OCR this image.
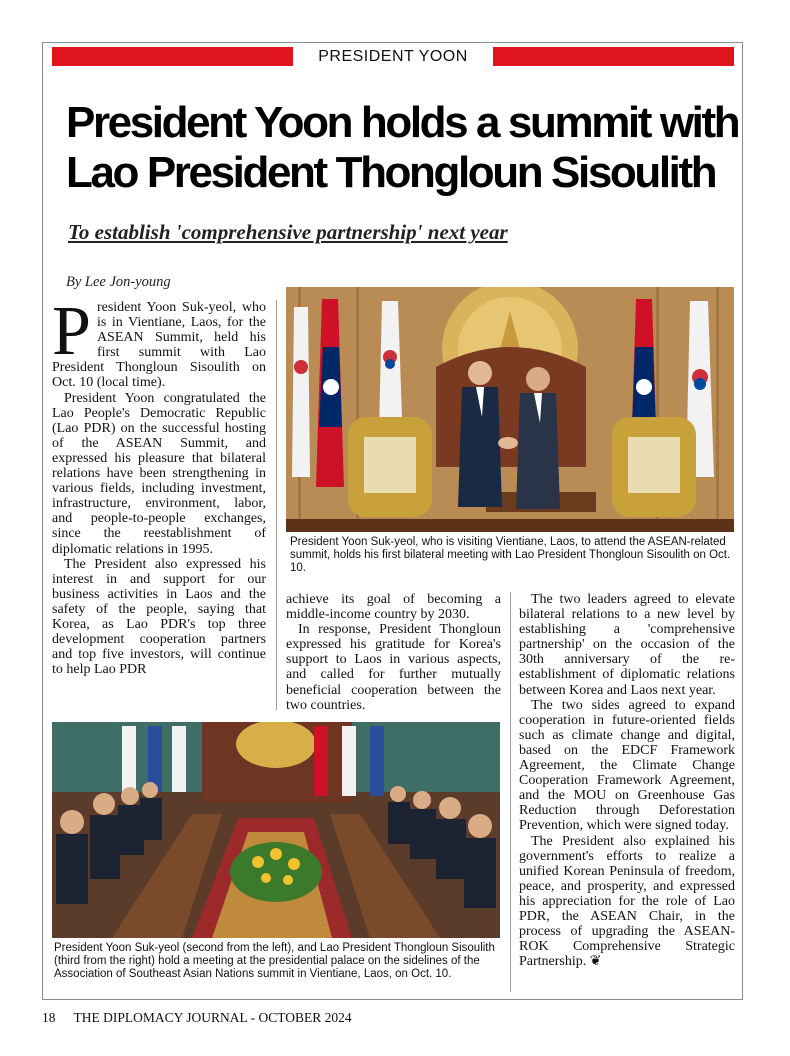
PRESIDENT YOON
President Yoon holds a summit with
Lao President Thongloun Sisoulith
To establish 'comprehensive partnership' next year
By Lee Jon-young

President Yoon Suk-yeol, who is in Vientiane, Laos, for the ASEAN Summit, held his first summit with Lao President Thongloun Sisoulith on Oct. 10 (local time).

President Yoon congratulated the Lao People's Democratic Republic (Lao PDR) on the successful hosting of the ASEAN Summit, and expressed his pleasure that bilateral relations have been strengthening in various fields, including investment, infrastructure, environment, labor, and people-to-people exchanges, since the reestablishment of diplomatic relations in 1995.

The President also expressed his interest in and support for our business activities in Laos and the safety of the people, saying that Korea, as Lao PDR's top three development cooperation partners and top five investors, will continue to help Lao PDR

President Yoon Suk-yeol, who is visiting Vientiane, Laos, to attend the ASEAN-related summit, holds his first bilateral meeting with Lao President Thongloun Sisoulith on Oct. 10.

achieve its goal of becoming a middle-income country by 2030.

In response, President Thongloun expressed his gratitude for Korea's support to Laos in various aspects, and called for further mutually beneficial cooperation between the two countries.

The two leaders agreed to elevate bilateral relations to a new level by establishing a 'comprehensive partnership' on the occasion of the 30th anniversary of the re-establishment of diplomatic relations between Korea and Laos next year.

The two sides agreed to expand cooperation in future-oriented fields such as climate change and digital, based on the EDCF Framework Agreement, the Climate Change Cooperation Framework Agreement, and the MOU on Greenhouse Gas Reduction through Deforestation Prevention, which were signed today.

The President also explained his government's efforts to realize a unified Korean Peninsula of freedom, peace, and prosperity, and expressed his appreciation for the role of Lao PDR, the ASEAN Chair, in the process of upgrading the ASEAN-ROK Comprehensive Strategic Partnership. ❦

President Yoon Suk-yeol (second from the left), and Lao President Thongloun Sisoulith (third from the right) hold a meeting at the presidential palace on the sidelines of the Association of Southeast Asian Nations summit in Vientiane, Laos, on Oct. 10.
18 THE DIPLOMACY JOURNAL - OCTOBER 2024
